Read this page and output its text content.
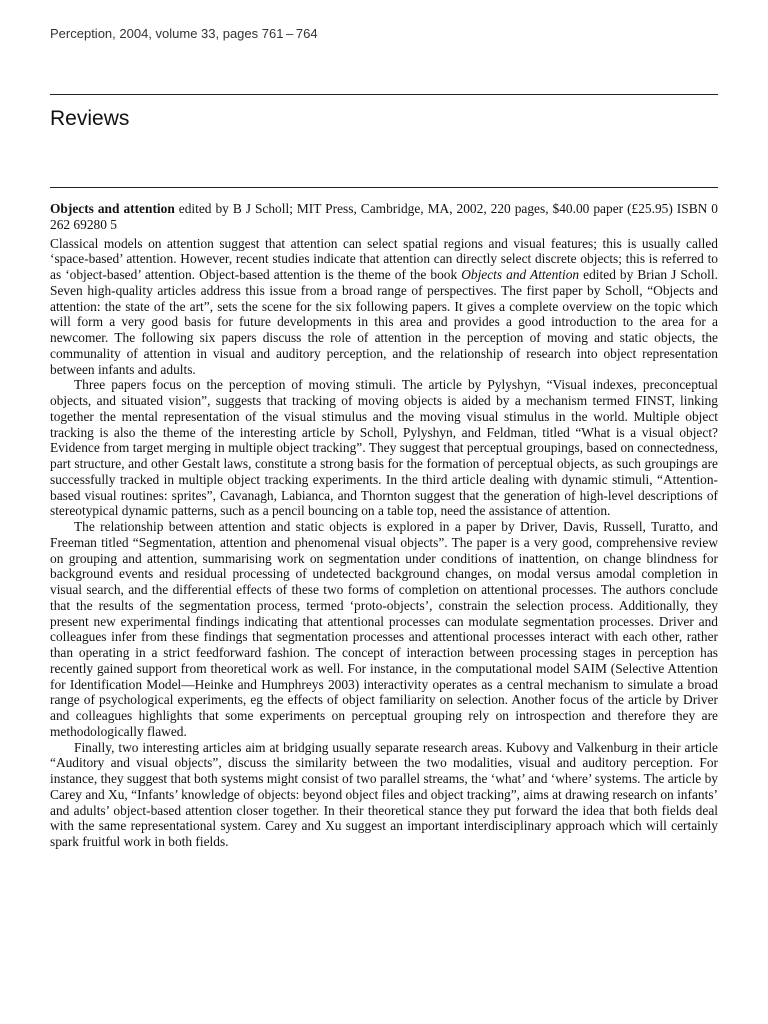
Perception, 2004, volume 33, pages 761 – 764
Reviews

Objects and attention edited by B J Scholl; MIT Press, Cambridge, MA, 2002, 220 pages, $40.00 paper (£25.95) ISBN 0 262 69280 5

Classical models on attention suggest that attention can select spatial regions and visual features; this is usually called ‘space-based’ attention. However, recent studies indicate that attention can directly select discrete objects; this is referred to as ‘object-based’ attention. Object-based attention is the theme of the book Objects and Attention edited by Brian J Scholl. Seven high-quality articles address this issue from a broad range of perspectives. The first paper by Scholl, “Objects and attention: the state of the art”, sets the scene for the six following papers. It gives a complete overview on the topic which will form a very good basis for future developments in this area and provides a good introduction to the area for a newcomer. The following six papers discuss the role of attention in the perception of moving and static objects, the communality of attention in visual and auditory perception, and the relationship of research into object representation between infants and adults.

Three papers focus on the perception of moving stimuli. The article by Pylyshyn, “Visual indexes, preconceptual objects, and situated vision”, suggests that tracking of moving objects is aided by a mechanism termed FINST, linking together the mental representation of the visual stimulus and the moving visual stimulus in the world. Multiple object tracking is also the theme of the interesting article by Scholl, Pylyshyn, and Feldman, titled “What is a visual object? Evidence from target merging in multiple object tracking”. They suggest that perceptual groupings, based on connectedness, part structure, and other Gestalt laws, constitute a strong basis for the formation of perceptual objects, as such groupings are successfully tracked in multiple object tracking experiments. In the third article dealing with dynamic stimuli, “Attention-based visual routines: sprites”, Cavanagh, Labianca, and Thornton suggest that the generation of high-level descriptions of stereotypical dynamic patterns, such as a pencil bouncing on a table top, need the assistance of attention.

The relationship between attention and static objects is explored in a paper by Driver, Davis, Russell, Turatto, and Freeman titled “Segmentation, attention and phenomenal visual objects”. The paper is a very good, comprehensive review on grouping and attention, summarising work on segmentation under conditions of inattention, on change blindness for background events and residual processing of undetected background changes, on modal versus amodal completion in visual search, and the differential effects of these two forms of completion on attentional processes. The authors conclude that the results of the segmentation process, termed ‘proto-objects’, constrain the selection process. Additionally, they present new experimental findings indicating that attentional processes can modulate segmentation processes. Driver and colleagues infer from these findings that segmentation processes and attentional processes interact with each other, rather than operating in a strict feedforward fashion. The concept of interaction between processing stages in perception has recently gained support from theoretical work as well. For instance, in the computational model SAIM (Selective Attention for Identification Model—Heinke and Humphreys 2003) interactivity operates as a central mechanism to simulate a broad range of psychological experiments, eg the effects of object familiarity on selection. Another focus of the article by Driver and colleagues highlights that some experiments on perceptual grouping rely on introspection and therefore they are methodologically flawed.

Finally, two interesting articles aim at bridging usually separate research areas. Kubovy and Valkenburg in their article “Auditory and visual objects”, discuss the similarity between the two modalities, visual and auditory perception. For instance, they suggest that both systems might consist of two parallel streams, the ‘what’ and ‘where’ systems. The article by Carey and Xu, “Infants’ knowledge of objects: beyond object files and object tracking”, aims at drawing research on infants’ and adults’ object-based attention closer together. In their theoretical stance they put forward the idea that both fields deal with the same representational system. Carey and Xu suggest an important interdisciplinary approach which will certainly spark fruitful work in both fields.
